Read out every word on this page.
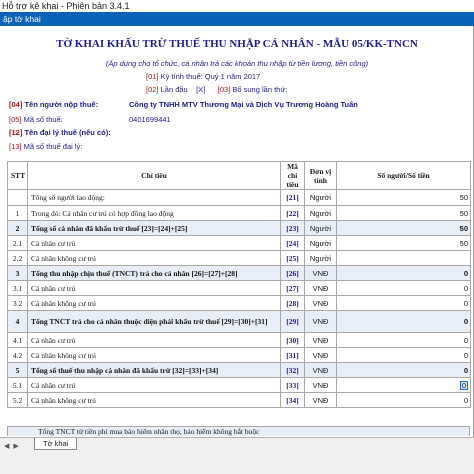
Hỗ trợ kê khai - Phiên bản 3.4.1
ập tờ khai
TỜ KHAI KHẤU TRỪ THUẾ THU NHẬP CÁ NHÂN - MẪU 05/KK-TNCN
(Áp dụng cho tổ chức, cá nhân trả các khoản thu nhập từ tiền lương, tiền công)
[01] Kỳ tính thuế: Quý 1 năm 2017
[02] Lần đầu [X] [03] Bổ sung lần thứ:
[04] Tên người nộp thuế:	Công ty TNHH MTV Thương Mại và Dịch Vụ Trương Hoàng Tuấn
[05] Mã số thuế:	0401699441
[12] Tên đại lý thuế (nếu có):
[13] Mã số thuế đại lý:
STT	Chỉ tiêu	Mã chỉ tiêu	Đơn vị tính	Số người/Số tiền
	Tổng số người lao động:	[21]	Người	50
1	Trong đó: Cá nhân cư trú có hợp đồng lao động	[22]	Người	50
2	Tổng số cá nhân đã khấu trừ thuế [23]=[24]+[25]	[23]	Người	50
2.1	Cá nhân cư trú	[24]	Người	50
2.2	Cá nhân không cư trú	[25]	Người	
3	Tổng thu nhập chịu thuế (TNCT) trả cho cá nhân [26]=[27]+[28]	[26]	VNĐ	0
3.1	Cá nhân cư trú	[27]	VNĐ	0
3.2	Cá nhân không cư trú	[28]	VNĐ	0
4	Tổng TNCT trả cho cá nhân thuộc diện phải khấu trừ thuế [29]=[30]+[31]	[29]	VNĐ	0
4.1	Cá nhân cư trú	[30]	VNĐ	0
4.2	Cá nhân không cư trú	[31]	VNĐ	0
5	Tổng số thuế thu nhập cá nhân đã khấu trừ [32]=[33]+[34]	[32]	VNĐ	0
5.1	Cá nhân cư trú	[33]	VNĐ	0
5.2	Cá nhân không cư trú	[34]	VNĐ	0
Tổng TNCT từ tiền phí mua bảo hiểm nhân thọ, bảo hiểm không bắt buộc
◀ ▶	Tờ khai
